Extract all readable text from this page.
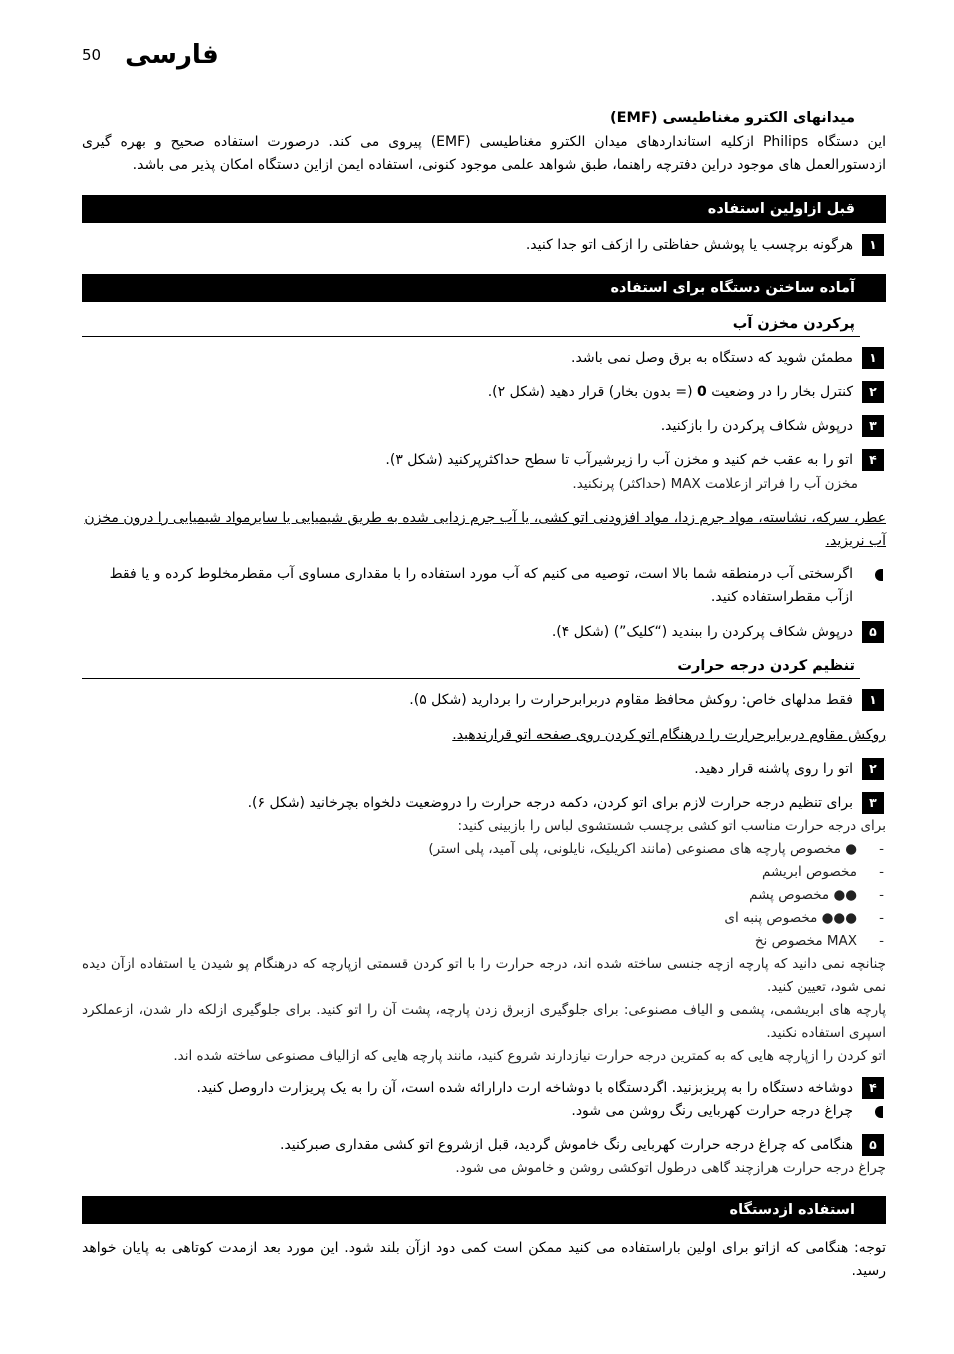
50 فارسی
میدانهای الکترو مغناطیسی (EMF)
این دستگاه Philips ازکلیه استانداردهای میدان الکترو مغناطیسی (EMF) پیروی می کند. درصورت استفاده صحیح و بهره گیری ازدستورالعمل های موجود دراین دفترچه راهنما، طبق شواهد علمی موجود کنونی، استفاده ایمن ازاین دستگاه امکان پذیر می باشد.
قبل ازاولین استفاده
۱
هرگونه برچسب یا پوشش حفاظتی را ازکف اتو جدا کنید.
آماده ساختن دستگاه برای استفاده
پرکردن مخزن آب
۱
مطمئن شوید که دستگاه به برق وصل نمی باشد.
۲
کنترل بخار را در وضعیت 0 (= بدون بخار) قرار دهید (شکل ۲).
۳
درپوش شکاف پرکردن را بازکنید.
۴
اتو را به عقب خم کنید و مخزن آب را زیرشیرآب تا سطح حداکثرپرکنید (شکل ۳).
مخزن آب را فراتر ازعلامت MAX (حداکثر) پرنکنید.
عطر، سرکه، نشاسته، مواد جرم زدا، مواد افزودنی اتو کشی، یا آب جرم زدایی شده به طریق شیمیایی یا سایرمواد شیمیایی را درون مخزن آب نریزید.
اگرسختی آب درمنطقه شما بالا است، توصیه می کنیم که آب مورد استفاده را با مقداری مساوی آب مقطرمخلوط کرده و یا فقط ازآب مقطراستفاده کنید.
۵
درپوش شکاف پرکردن را ببندید (“کلیک”) (شکل ۴).
تنظیم کردن درجه حرارت
۱
فقط مدلهای خاص: روکش محافظ مقاوم دربرابرحرارت را بردارید (شکل ۵).
روکش مقاوم دربرابرحرارت را درهنگام اتو کردن روی صفحه اتو قرارندهید.
۲
اتو را روی پاشنه قرار دهید.
۳
برای تنظیم درجه حرارت لازم برای اتو کردن، دکمه درجه حرارت را دروضعیت دلخواه بچرخانید (شکل ۶).
برای درجه حرارت مناسب اتو کشی برچسب شستشوی لباس را بازبینی کنید:
-
● مخصوص پارچه های مصنوعی (مانند اکریلیک، نایلونی، پلی آمید، پلی استر)
-
مخصوص ابریشم
-
●● مخصوص پشم
-
●●● مخصوص پنبه ای
-
MAX مخصوص نخ
چنانچه نمی دانید که پارچه ازچه جنسی ساخته شده اند، درجه حرارت را با اتو کردن قسمتی ازپارچه که درهنگام پو شیدن یا استفاده ازآن دیده نمی شود، تعیین کنید.
پارچه های ابریشمی، پشمی و الیاف مصنوعی: برای جلوگیری ازبرق زدن پارچه، پشت آن را اتو کنید. برای جلوگیری ازلکه دار شدن، ازعملکرد اسپری استفاده نکنید.
اتو کردن را ازپارچه هایی که به کمترین درجه حرارت نیازدارند شروع کنید، مانند پارچه هایی که ازالیاف مصنوعی ساخته شده اند.
۴
دوشاخه دستگاه را به پریزبزنید. اگردستگاه با دوشاخه ارت دارارائه شده است، آن را به یک پریزارت داروصل کنید.
چراغ درجه حرارت کهربایی رنگ روشن می شود.
۵
هنگامی که چراغ درجه حرارت کهربایی رنگ خاموش گردید، قبل ازشروع اتو کشی مقداری صبرکنید.
چراغ درجه حرارت هرازچند گاهی درطول اتوکشی روشن و خاموش می شود.
استفاده ازدستگاه
توجه: هنگامی که ازاتو برای اولین باراستفاده می کنید ممکن است کمی دود ازآن بلند شود. این مورد بعد ازمدت کوتاهی به پایان خواهد رسید.
